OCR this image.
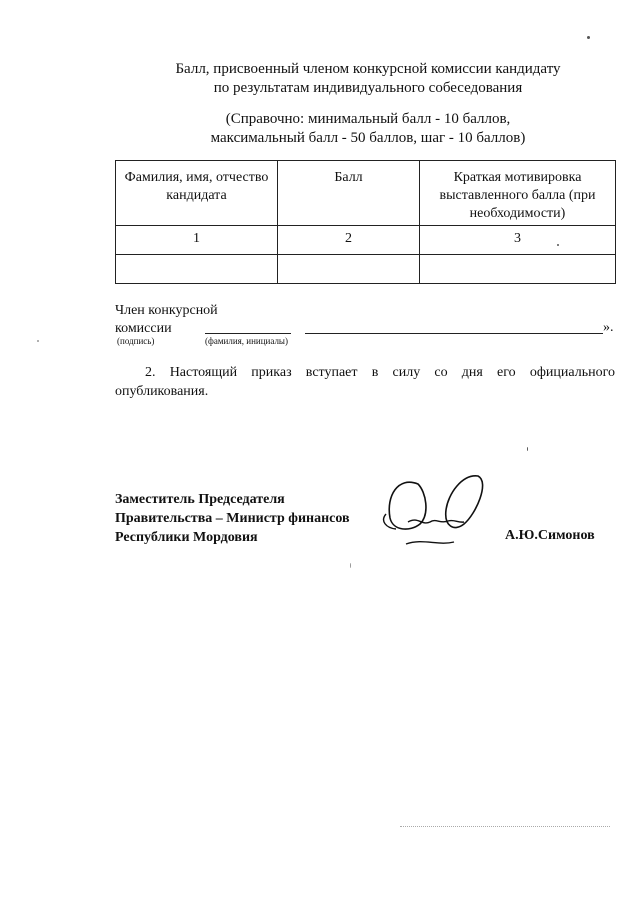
Балл, присвоенный членом конкурсной комиссии кандидату
по результатам индивидуального собеседования
(Справочно: минимальный балл - 10 баллов,
максимальный балл - 50 баллов, шаг - 10 баллов)
Фамилия, имя, отчество кандидата	Балл	Краткая мотивировка выставленного балла (при необходимости)

1	2	3

Член конкурсной
комиссии	».
(подпись)	(фамилия, инициалы)
2. Настоящий приказ вступает в силу со дня его официального опубликования.
Заместитель Председателя
Правительства – Министр финансов
Республики Мордовия	А.Ю.Симонов
